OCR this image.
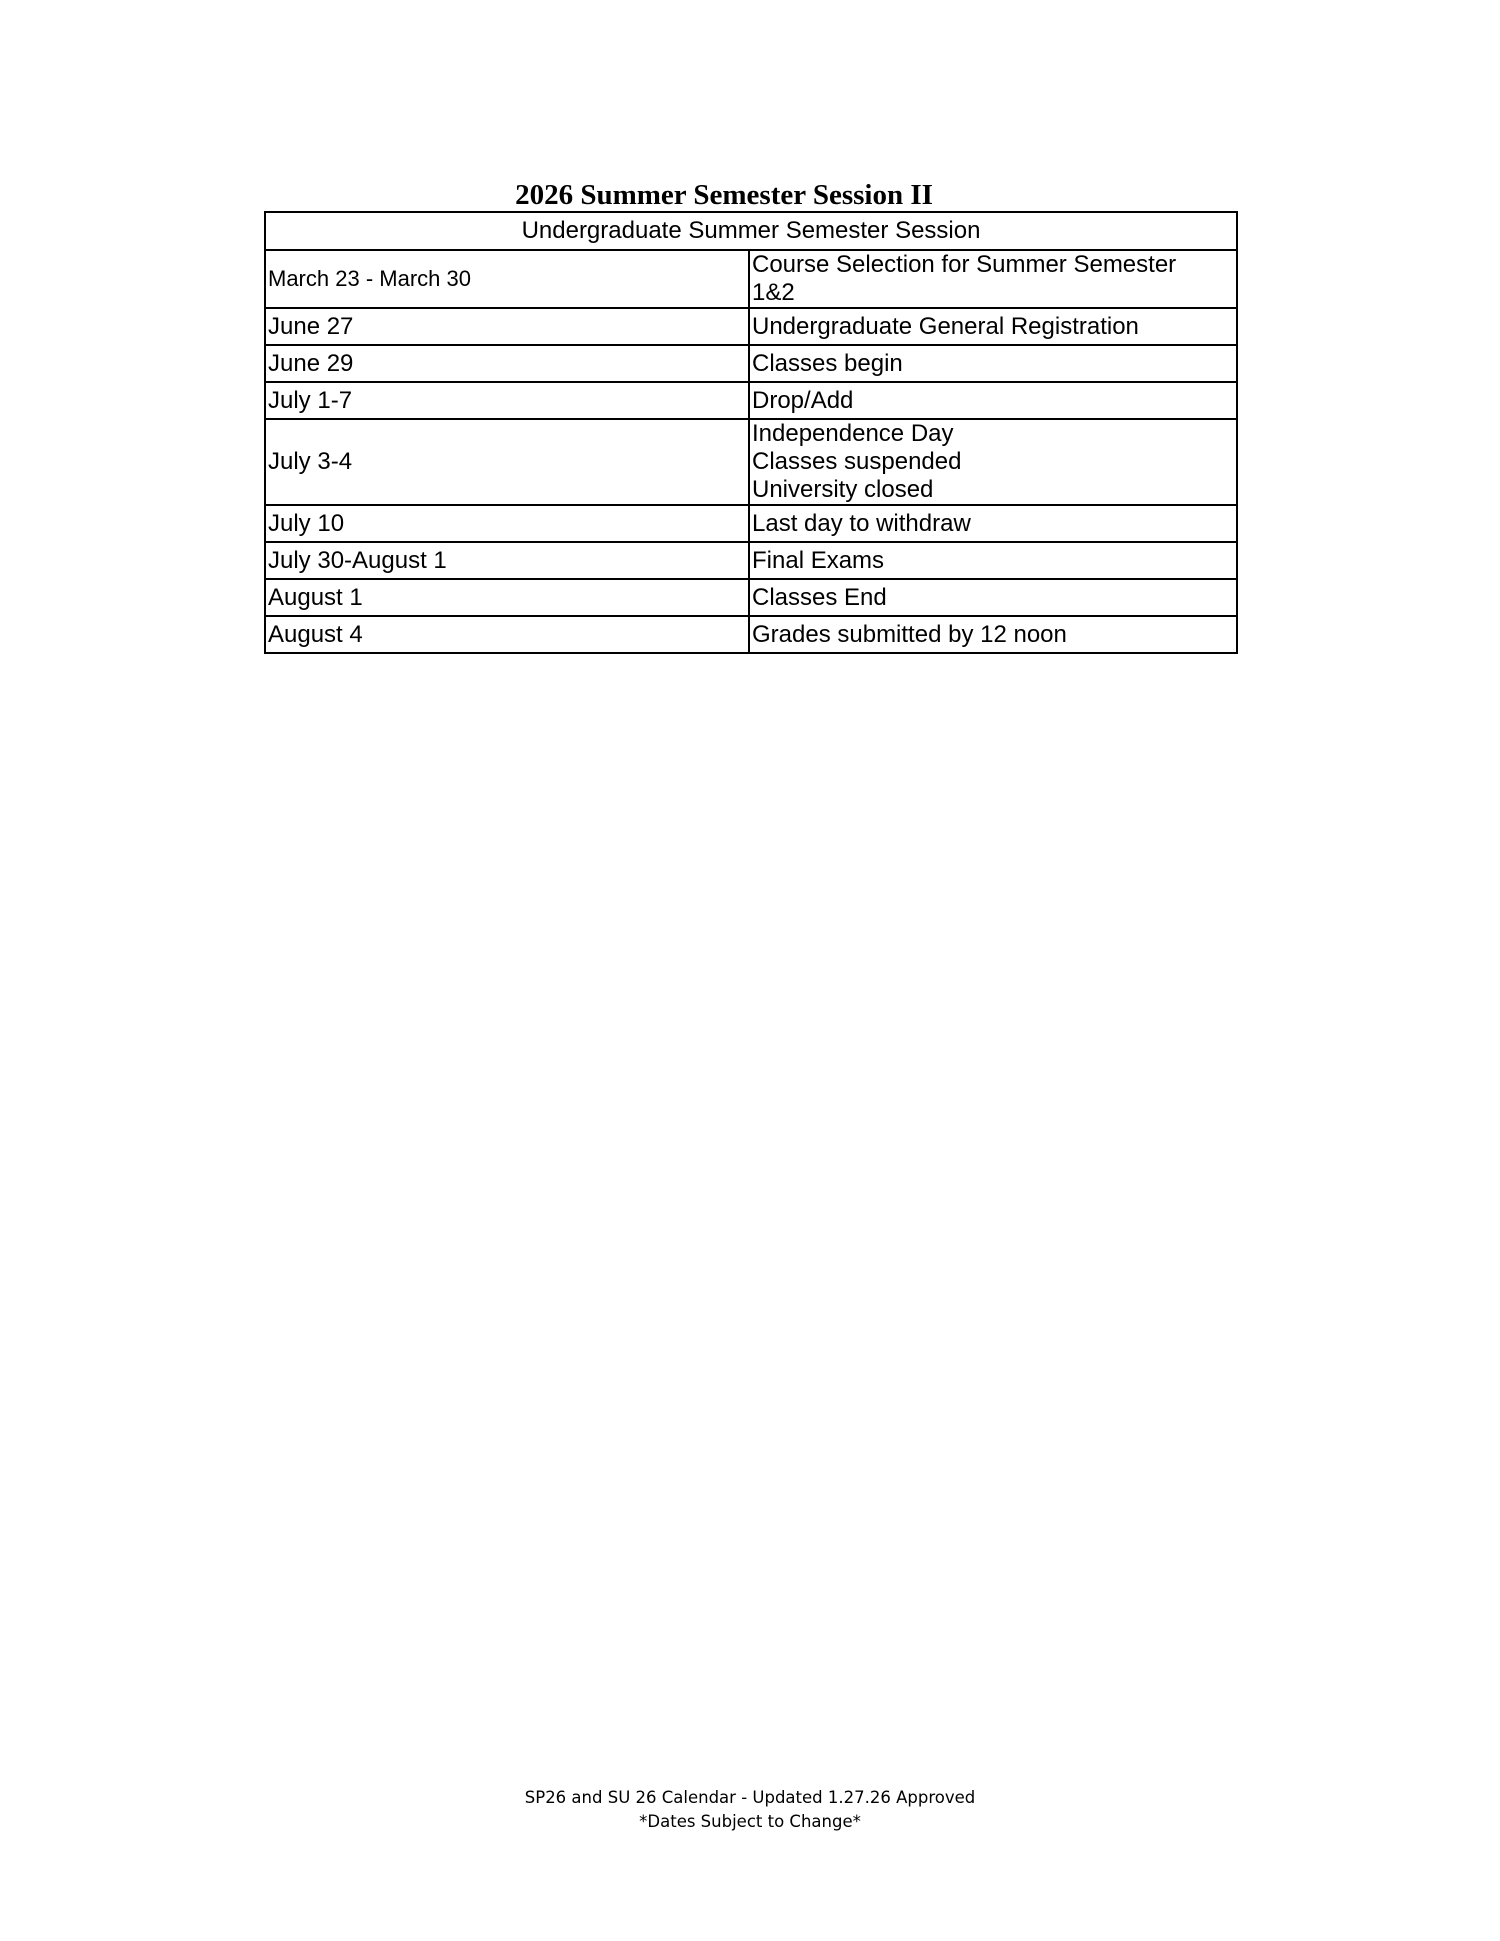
2026 Summer Semester Session II
Undergraduate Summer Semester Session	
March 23 - March 30	Course Selection for Summer Semester
1&2

June 27	Undergraduate General Registration
June 29	Classes begin
July 1-7	Drop/Add
July 3-4	Independence Day
Classes suspended
University closed

July 10	Last day to withdraw
July 30-August 1	Final Exams
August 1	Classes End
August 4	Grades submitted by 12 noon
SP26 and SU 26 Calendar - Updated 1.27.26 Approved
*Dates Subject to Change*
